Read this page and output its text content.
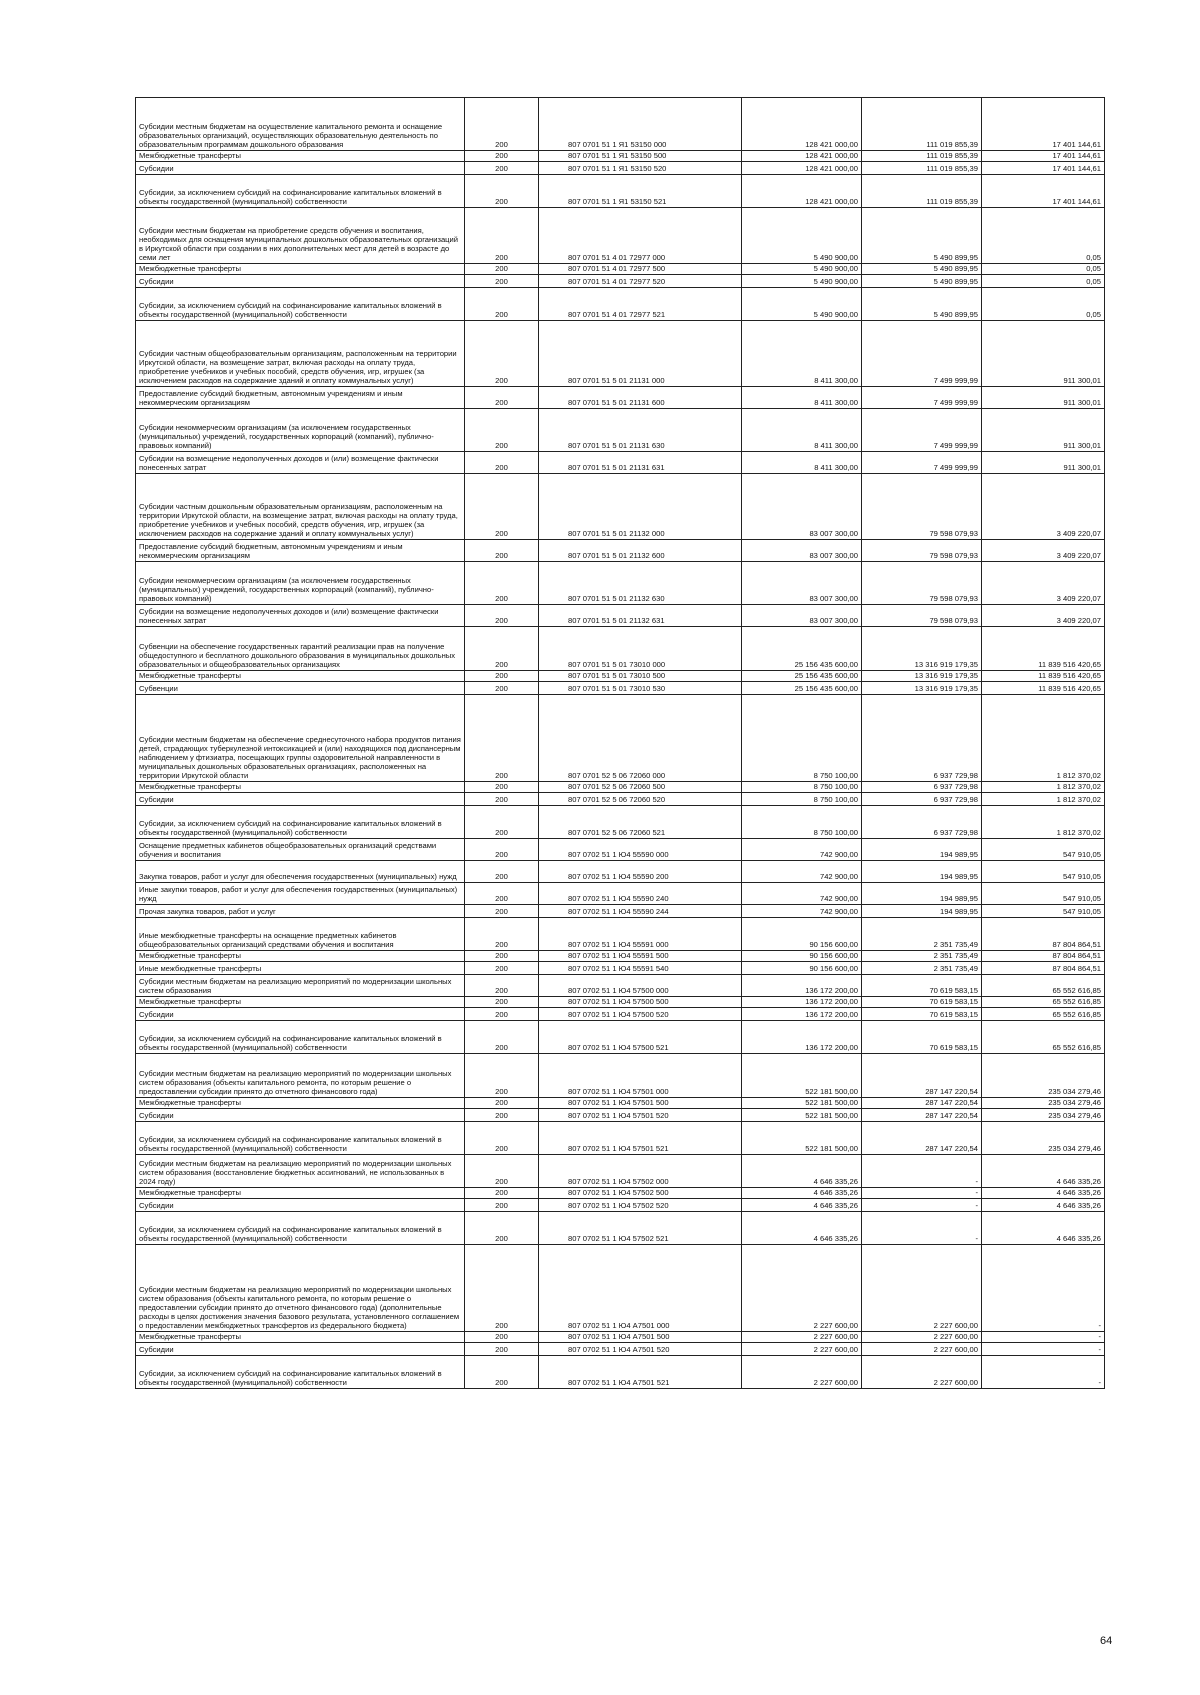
Субсидии местным бюджетам на осуществление капитального ремонта и оснащение образовательных организаций, осуществляющих образовательную деятельность по образовательным программам дошкольного образования	200	807 0701 51 1 Я1 53150 000	128 421 000,00	111 019 855,39	17 401 144,61
Межбюджетные трансферты	200	807 0701 51 1 Я1 53150 500	128 421 000,00	111 019 855,39	17 401 144,61
Субсидии	200	807 0701 51 1 Я1 53150 520	128 421 000,00	111 019 855,39	17 401 144,61
Субсидии, за исключением субсидий на софинансирование капитальных вложений в объекты государственной (муниципальной) собственности	200	807 0701 51 1 Я1 53150 521	128 421 000,00	111 019 855,39	17 401 144,61
Субсидии местным бюджетам на приобретение средств обучения и воспитания, необходимых для оснащения муниципальных дошкольных образовательных организаций в Иркутской области при создании в них дополнительных мест для детей в возрасте до семи лет	200	807 0701 51 4 01 72977 000	5 490 900,00	5 490 899,95	0,05
Межбюджетные трансферты	200	807 0701 51 4 01 72977 500	5 490 900,00	5 490 899,95	0,05
Субсидии	200	807 0701 51 4 01 72977 520	5 490 900,00	5 490 899,95	0,05
Субсидии, за исключением субсидий на софинансирование капитальных вложений в объекты государственной (муниципальной) собственности	200	807 0701 51 4 01 72977 521	5 490 900,00	5 490 899,95	0,05
Субсидии частным общеобразовательным организациям, расположенным на территории Иркутской области, на возмещение затрат, включая расходы на оплату труда, приобретение учебников и учебных пособий, средств обучения, игр, игрушек (за исключением расходов на содержание зданий и оплату коммунальных услуг)	200	807 0701 51 5 01 21131 000	8 411 300,00	7 499 999,99	911 300,01
Предоставление субсидий бюджетным, автономным учреждениям и иным некоммерческим организациям	200	807 0701 51 5 01 21131 600	8 411 300,00	7 499 999,99	911 300,01
Субсидии некоммерческим организациям (за исключением государственных (муниципальных) учреждений, государственных корпораций (компаний), публично-правовых компаний)	200	807 0701 51 5 01 21131 630	8 411 300,00	7 499 999,99	911 300,01
Субсидии на возмещение недополученных доходов и (или) возмещение фактически понесенных затрат	200	807 0701 51 5 01 21131 631	8 411 300,00	7 499 999,99	911 300,01
Субсидии частным дошкольным образовательным организациям, расположенным на территории Иркутской области, на возмещение затрат, включая расходы на оплату труда, приобретение учебников и учебных пособий, средств обучения, игр, игрушек (за исключением расходов на содержание зданий и оплату коммунальных услуг)	200	807 0701 51 5 01 21132 000	83 007 300,00	79 598 079,93	3 409 220,07
Предоставление субсидий бюджетным, автономным учреждениям и иным некоммерческим организациям	200	807 0701 51 5 01 21132 600	83 007 300,00	79 598 079,93	3 409 220,07
Субсидии некоммерческим организациям (за исключением государственных (муниципальных) учреждений, государственных корпораций (компаний), публично-правовых компаний)	200	807 0701 51 5 01 21132 630	83 007 300,00	79 598 079,93	3 409 220,07
Субсидии на возмещение недополученных доходов и (или) возмещение фактически понесенных затрат	200	807 0701 51 5 01 21132 631	83 007 300,00	79 598 079,93	3 409 220,07
Субвенции на обеспечение государственных гарантий реализации прав на получение общедоступного и бесплатного дошкольного образования в муниципальных дошкольных образовательных и общеобразовательных организациях	200	807 0701 51 5 01 73010 000	25 156 435 600,00	13 316 919 179,35	11 839 516 420,65
Межбюджетные трансферты	200	807 0701 51 5 01 73010 500	25 156 435 600,00	13 316 919 179,35	11 839 516 420,65
Субвенции	200	807 0701 51 5 01 73010 530	25 156 435 600,00	13 316 919 179,35	11 839 516 420,65
Субсидии местным бюджетам на обеспечение среднесуточного набора продуктов питания детей, страдающих туберкулезной интоксикацией и (или) находящихся под диспансерным наблюдением у фтизиатра, посещающих группы оздоровительной направленности в муниципальных дошкольных образовательных организациях, расположенных на территории Иркутской области	200	807 0701 52 5 06 72060 000	8 750 100,00	6 937 729,98	1 812 370,02
Межбюджетные трансферты	200	807 0701 52 5 06 72060 500	8 750 100,00	6 937 729,98	1 812 370,02
Субсидии	200	807 0701 52 5 06 72060 520	8 750 100,00	6 937 729,98	1 812 370,02
Субсидии, за исключением субсидий на софинансирование капитальных вложений в объекты государственной (муниципальной) собственности	200	807 0701 52 5 06 72060 521	8 750 100,00	6 937 729,98	1 812 370,02
Оснащение предметных кабинетов общеобразовательных организаций средствами обучения и воспитания	200	807 0702 51 1 Ю4 55590 000	742 900,00	194 989,95	547 910,05
Закупка товаров, работ и услуг для обеспечения государственных (муниципальных) нужд	200	807 0702 51 1 Ю4 55590 200	742 900,00	194 989,95	547 910,05
Иные закупки товаров, работ и услуг для обеспечения государственных (муниципальных) нужд	200	807 0702 51 1 Ю4 55590 240	742 900,00	194 989,95	547 910,05
Прочая закупка товаров, работ и услуг	200	807 0702 51 1 Ю4 55590 244	742 900,00	194 989,95	547 910,05
Иные межбюджетные трансферты на оснащение предметных кабинетов общеобразовательных организаций средствами обучения и воспитания	200	807 0702 51 1 Ю4 55591 000	90 156 600,00	2 351 735,49	87 804 864,51
Межбюджетные трансферты	200	807 0702 51 1 Ю4 55591 500	90 156 600,00	2 351 735,49	87 804 864,51
Иные межбюджетные трансферты	200	807 0702 51 1 Ю4 55591 540	90 156 600,00	2 351 735,49	87 804 864,51
Субсидии местным бюджетам на реализацию мероприятий по модернизации школьных систем образования	200	807 0702 51 1 Ю4 57500 000	136 172 200,00	70 619 583,15	65 552 616,85
Межбюджетные трансферты	200	807 0702 51 1 Ю4 57500 500	136 172 200,00	70 619 583,15	65 552 616,85
Субсидии	200	807 0702 51 1 Ю4 57500 520	136 172 200,00	70 619 583,15	65 552 616,85
Субсидии, за исключением субсидий на софинансирование капитальных вложений в объекты государственной (муниципальной) собственности	200	807 0702 51 1 Ю4 57500 521	136 172 200,00	70 619 583,15	65 552 616,85
Субсидии местным бюджетам на реализацию мероприятий по модернизации школьных систем образования (объекты капитального ремонта, по которым решение о предоставлении субсидии принято до отчетного финансового года)	200	807 0702 51 1 Ю4 57501 000	522 181 500,00	287 147 220,54	235 034 279,46
Межбюджетные трансферты	200	807 0702 51 1 Ю4 57501 500	522 181 500,00	287 147 220,54	235 034 279,46
Субсидии	200	807 0702 51 1 Ю4 57501 520	522 181 500,00	287 147 220,54	235 034 279,46
Субсидии, за исключением субсидий на софинансирование капитальных вложений в объекты государственной (муниципальной) собственности	200	807 0702 51 1 Ю4 57501 521	522 181 500,00	287 147 220,54	235 034 279,46
Субсидии местным бюджетам на реализацию мероприятий по модернизации школьных систем образования (восстановление бюджетных ассигнований, не использованных в 2024 году)	200	807 0702 51 1 Ю4 57502 000	4 646 335,26	-	4 646 335,26
Межбюджетные трансферты	200	807 0702 51 1 Ю4 57502 500	4 646 335,26	-	4 646 335,26
Субсидии	200	807 0702 51 1 Ю4 57502 520	4 646 335,26	-	4 646 335,26
Субсидии, за исключением субсидий на софинансирование капитальных вложений в объекты государственной (муниципальной) собственности	200	807 0702 51 1 Ю4 57502 521	4 646 335,26	-	4 646 335,26
Субсидии местным бюджетам на реализацию мероприятий по модернизации школьных систем образования (объекты капитального ремонта, по которым решение о предоставлении субсидии принято до отчетного финансового года) (дополнительные расходы в целях достижения значения базового результата, установленного соглашением о предоставлении межбюджетных трансфертов из федерального бюджета)	200	807 0702 51 1 Ю4 A7501 000	2 227 600,00	2 227 600,00	-
Межбюджетные трансферты	200	807 0702 51 1 Ю4 A7501 500	2 227 600,00	2 227 600,00	-
Субсидии	200	807 0702 51 1 Ю4 A7501 520	2 227 600,00	2 227 600,00	-
Субсидии, за исключением субсидий на софинансирование капитальных вложений в объекты государственной (муниципальной) собственности	200	807 0702 51 1 Ю4 A7501 521	2 227 600,00	2 227 600,00	-
64
